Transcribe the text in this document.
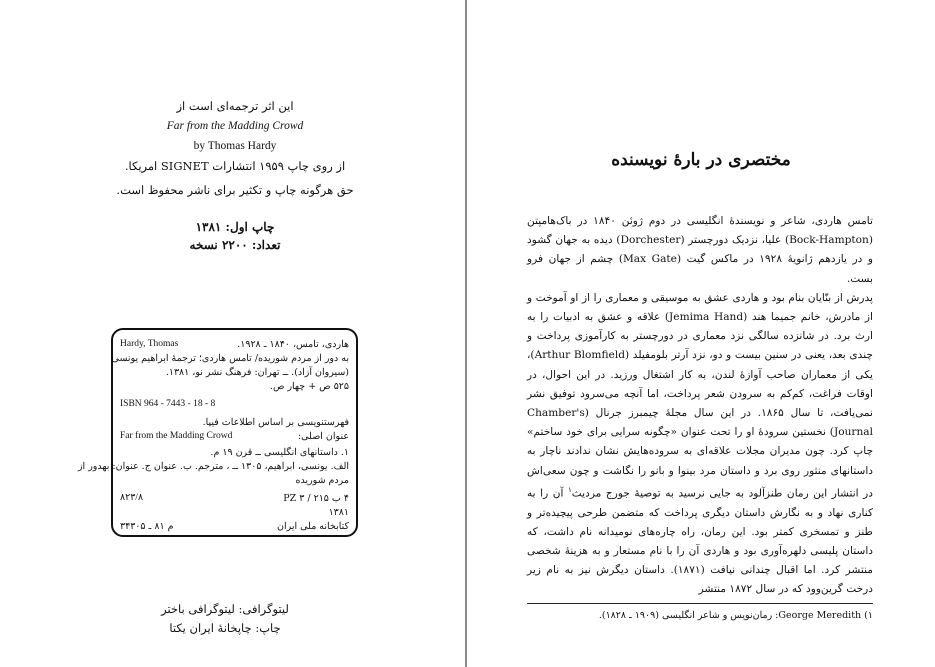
این اثر ترجمه‌ای است از
Far from the Madding Crowd
by Thomas Hardy
از روی چاپ ۱۹۵۹ انتشارات SIGNET امریکا.
حق هرگونه چاپ و تکثیر برای ناشر محفوظ است.
چاپ اول: ۱۳۸۱
تعداد: ۲۲۰۰ نسخه
Hardy, Thomas	هاردی، تامس، ۱۸۴۰ ـ ۱۹۲۸.
به دور از مردم شوریده/ تامس هاردی؛ ترجمهٔ ابراهیم یونسی
(سیروان آزاد). ــ تهران: فرهنگ نشر نو، ۱۳۸۱.
۵۲۵ ص + چهار ص.
ISBN 964 - 7443 - 18 - 8
فهرستنویسی بر اساس اطلاعات فیپا.
عنوان اصلی:
Far from the Madding Crowd
۱. داستانهای انگلیسی ــ قرن ۱۹ م.
الف. یونسی، ابراهیم، ۱۳۰۵ ــ ، مترجم. ب. عنوان ج. عنوان: بهدور از
مردم شوریده
۴ ب ۲۱۵ / ۳ PZ
۸۲۳/۸
۱۳۸۱
کتابخانه ملی ایران
م ۸۱ ـ ۳۴۳۰۵
لیتوگرافی: لیتوگرافی باختر
چاپ: چاپخانهٔ ایران یکتا
مختصری در بارهٔ نویسنده

تامس هاردی، شاعر و نویسندهٔ انگلیسی در دوم ژوئن ۱۸۴۰ در باک‌هامپتن (Bock-Hampton) علیا، نزدیک دورچستر (Dorchester) دیده به جهان گشود و در یازدهم ژانویهٔ ۱۹۲۸ در ماکس گیت (Max Gate) چشم از جهان فرو بست.

پدرش از بنّایان بنام بود و هاردی عشق به موسیقی و معماری را از او آموخت و از مادرش، خانم جمیما هند (Jemima Hand) علاقه و عشق به ادبیات را به ارث برد. در شانزده سالگی نزد معماری در دورچستر به کارآموزی پرداخت و چندی بعد، یعنی در سنین بیست و دو، نزد آرتر بلومفیلد (Arthur Blomfield)، یکی از معماران صاحب آوازهٔ لندن، به کار اشتغال ورزید. در این احوال، در اوقات فراغت، کم‌کم به سرودن شعر پرداخت، اما آنچه می‌سرود توفیق نشر نمی‌یافت، تا سال ۱۸۶۵. در این سال مجلهٔ چیمبرز جرنال (Chamber's Journal) نخستین سرودهٔ او را تحت عنوان «چگونه سرایی برای خود ساختم» چاپ کرد. چون مدیران مجلات علاقه‌ای به سروده‌هایش نشان ندادند ناچار به داستانهای منثور روی برد و داستان مرد بینوا و بانو را نگاشت و چون سعی‌اش در انتشار این رمان طنزآلود به جایی نرسید به توصیهٔ جورج مردیث$^۱$ آن را به کناری نهاد و به نگارش داستان دیگری پرداخت که متضمن طرحی پیچیده‌تر و طنز و تمسخری کمتر بود. این رمان، راه چاره‌های نومیدانه نام داشت، که داستان پلیسی دلهره‌آوری بود و هاردی آن را با نام مستعار و به هزینهٔ شخصی منتشر کرد. اما اقبال چندانی نیافت (۱۸۷۱). داستان دیگرش نیز به نام زیر درخت گرین‌وود که در سال ۱۸۷۲ منتشر

۱) George Meredith: رمان‌نویس و شاعر انگلیسی (۱۹۰۹ ـ ۱۸۲۸).
